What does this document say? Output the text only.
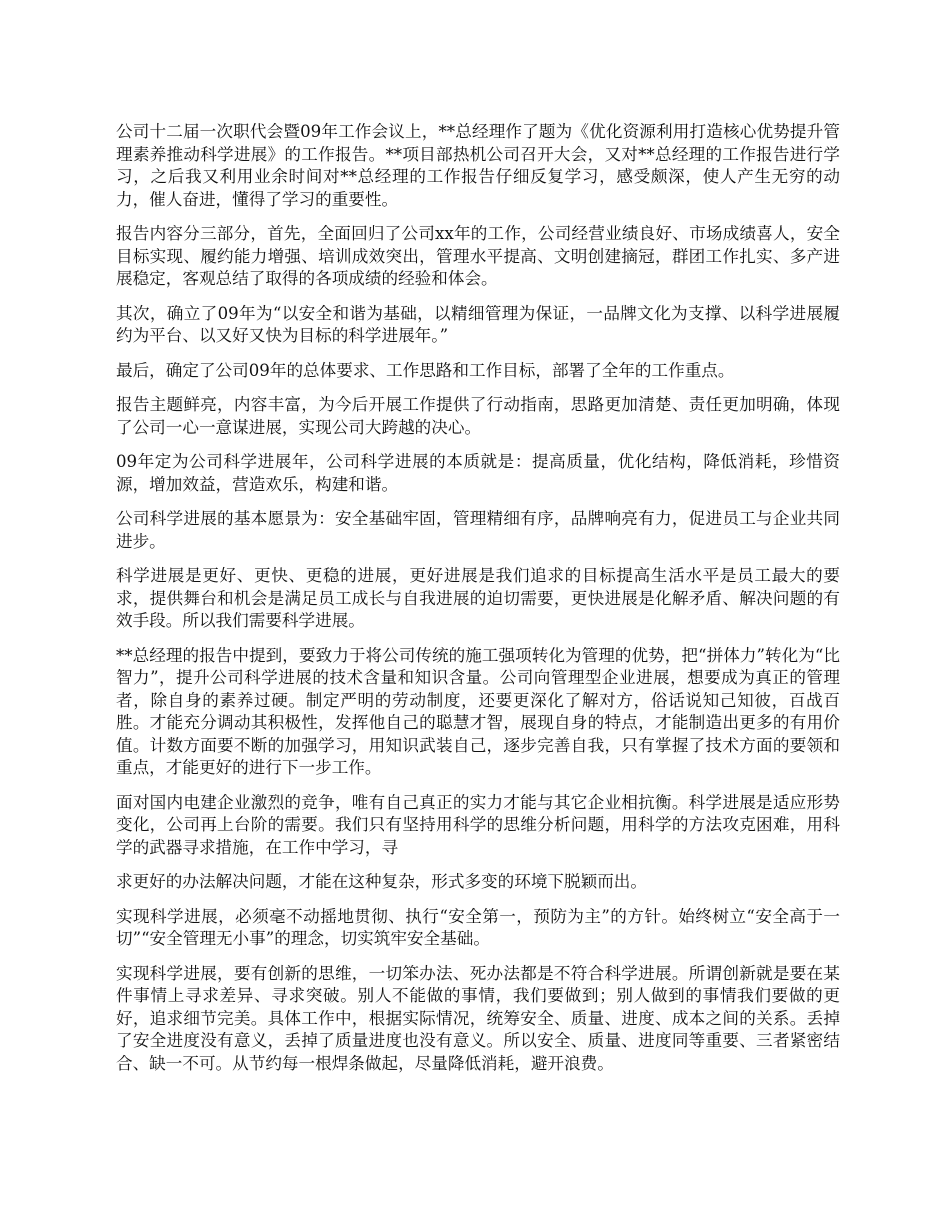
公司十二届一次职代会暨09年工作会议上，**总经理作了题为《优化资源利用打造核心优势提升管理素养推动科学进展》的工作报告。**项目部热机公司召开大会，又对**总经理的工作报告进行学习，之后我又利用业余时间对**总经理的工作报告仔细反复学习，感受颇深，使人产生无穷的动力，催人奋进，懂得了学习的重要性。

报告内容分三部分，首先，全面回归了公司xx年的工作，公司经营业绩良好、市场成绩喜人，安全目标实现、履约能力增强、培训成效突出，管理水平提高、文明创建摘冠，群团工作扎实、多产进展稳定，客观总结了取得的各项成绩的经验和体会。

其次，确立了09年为“以安全和谐为基础，以精细管理为保证，一品牌文化为支撑、以科学进展履约为平台、以又好又快为目标的科学进展年。”

最后，确定了公司09年的总体要求、工作思路和工作目标，部署了全年的工作重点。

报告主题鲜亮，内容丰富，为今后开展工作提供了行动指南，思路更加清楚、责任更加明确，体现了公司一心一意谋进展，实现公司大跨越的决心。

09年定为公司科学进展年，公司科学进展的本质就是：提高质量，优化结构，降低消耗，珍惜资源，增加效益，营造欢乐，构建和谐。

公司科学进展的基本愿景为：安全基础牢固，管理精细有序，品牌响亮有力，促进员工与企业共同进步。

科学进展是更好、更快、更稳的进展，更好进展是我们追求的目标提高生活水平是员工最大的要求，提供舞台和机会是满足员工成长与自我进展的迫切需要，更快进展是化解矛盾、解决问题的有效手段。所以我们需要科学进展。

**总经理的报告中提到，要致力于将公司传统的施工强项转化为管理的优势，把“拼体力”转化为“比智力”，提升公司科学进展的技术含量和知识含量。公司向管理型企业进展，想要成为真正的管理者，除自身的素养过硬。制定严明的劳动制度，还要更深化了解对方，俗话说知己知彼，百战百胜。才能充分调动其积极性，发挥他自己的聪慧才智，展现自身的特点，才能制造出更多的有用价值。计数方面要不断的加强学习，用知识武装自己，逐步完善自我，只有掌握了技术方面的要领和重点，才能更好的进行下一步工作。

面对国内电建企业激烈的竞争，唯有自己真正的实力才能与其它企业相抗衡。科学进展是适应形势变化，公司再上台阶的需要。我们只有坚持用科学的思维分析问题，用科学的方法攻克困难，用科学的武器寻求措施，在工作中学习，寻

求更好的办法解决问题，才能在这种复杂，形式多变的环境下脱颖而出。

实现科学进展，必须毫不动摇地贯彻、执行“安全第一，预防为主”的方针。始终树立“安全高于一切”“安全管理无小事”的理念，切实筑牢安全基础。

实现科学进展，要有创新的思维，一切笨办法、死办法都是不符合科学进展。所谓创新就是要在某件事情上寻求差异、寻求突破。别人不能做的事情，我们要做到；别人做到的事情我们要做的更好，追求细节完美。具体工作中，根据实际情况，统筹安全、质量、进度、成本之间的关系。丢掉了安全进度没有意义，丢掉了质量进度也没有意义。所以安全、质量、进度同等重要、三者紧密结合、缺一不可。从节约每一根焊条做起，尽量降低消耗，避开浪费。
